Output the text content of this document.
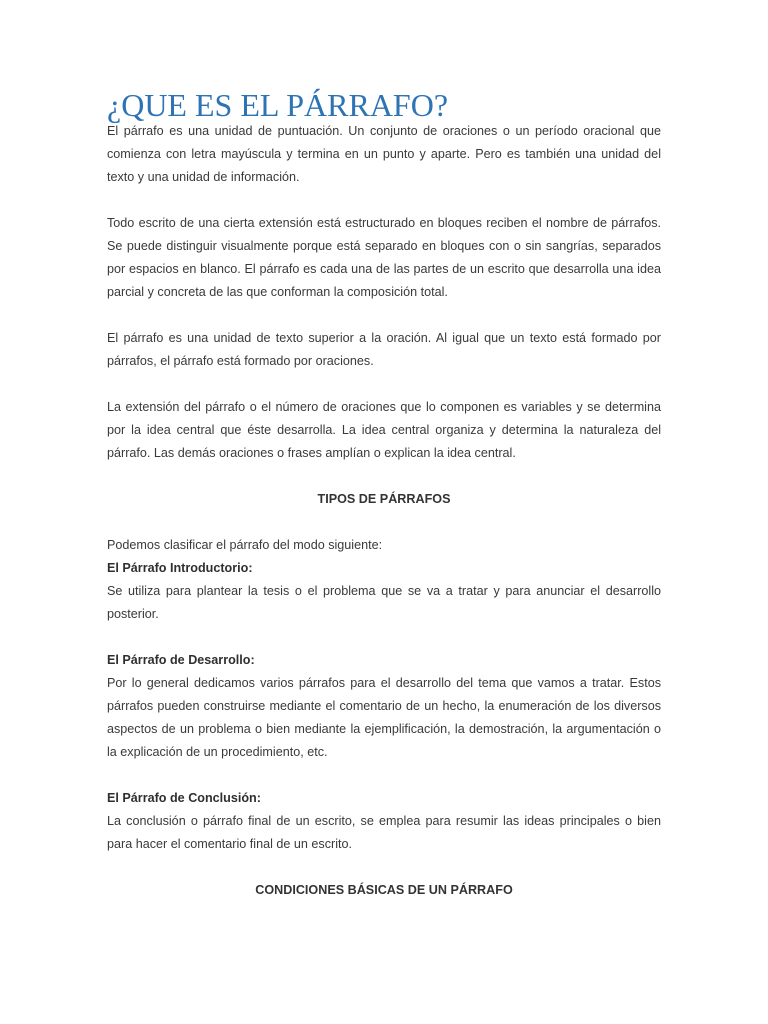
¿QUE ES EL PÁRRAFO?

El párrafo es una unidad de puntuación. Un conjunto de oraciones o un período oracional que comienza con letra mayúscula y termina en un punto y aparte. Pero es también una unidad del texto y una unidad de información.

Todo escrito de una cierta extensión está estructurado en bloques reciben el nombre de párrafos. Se puede distinguir visualmente porque está separado en bloques con o sin sangrías, separados por espacios en blanco. El párrafo es cada una de las partes de un escrito que desarrolla una idea parcial y concreta de las que conforman la composición total.

El párrafo es una unidad de texto superior a la oración. Al igual que un texto está formado por párrafos, el párrafo está formado por oraciones.

La extensión del párrafo o el número de oraciones que lo componen es variables y se determina por la idea central que éste desarrolla. La idea central organiza y determina la naturaleza del párrafo. Las demás oraciones o frases amplían o explican la idea central.

TIPOS DE PÁRRAFOS

Podemos clasificar el párrafo del modo siguiente:

El Párrafo Introductorio:

Se utiliza para plantear la tesis o el problema que se va a tratar y para anunciar el desarrollo posterior.

El Párrafo de Desarrollo:

Por lo general dedicamos varios párrafos para el desarrollo del tema que vamos a tratar. Estos párrafos pueden construirse mediante el comentario de un hecho, la enumeración de los diversos aspectos de un problema o bien mediante la ejemplificación, la demostración, la argumentación o la explicación de un procedimiento, etc.

El Párrafo de Conclusión:

La conclusión o párrafo final de un escrito, se emplea para resumir las ideas principales o bien para hacer el comentario final de un escrito.

CONDICIONES BÁSICAS DE UN PÁRRAFO
